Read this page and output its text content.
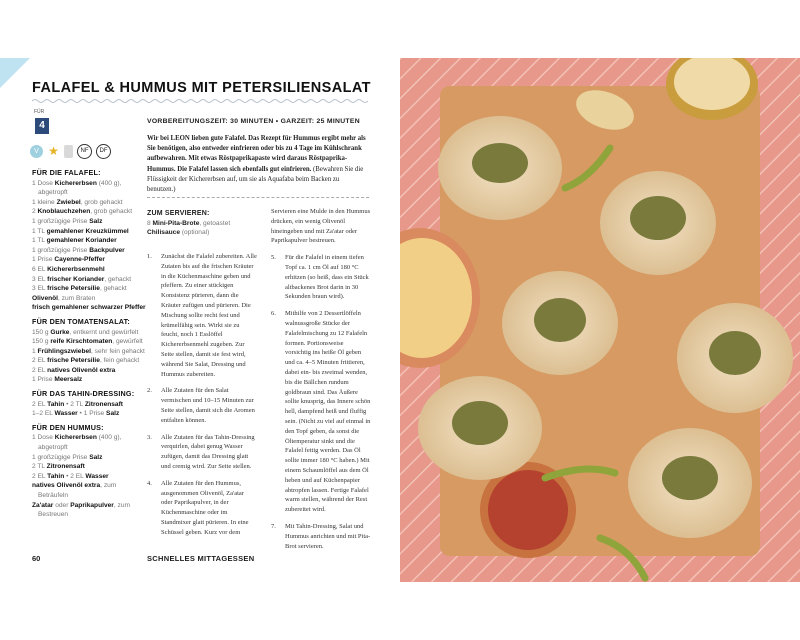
FALAFEL & HUMMUS MIT PETERSILIENSALAT
FÜR
4
V ★	NF	DF
FÜR DIE FALAFEL:
1 Dose Kichererbsen (400 g),
abgetropft
1 kleine Zwiebel, grob gehackt
2 Knoblauchzehen, grob gehackt
1 großzügige Prise Salz
1 TL gemahlener Kreuzkümmel
1 TL gemahlener Koriander
1 großzügige Prise Backpulver
1 Prise Cayenne-Pfeffer
6 EL Kichererbsenmehl
3 EL frischer Koriander, gehackt
3 EL frische Petersilie, gehackt
Olivenöl, zum Braten
frisch gemahlener schwarzer Pfeffer
FÜR DEN TOMATENSALAT:
150 g Gurke, entkernt und gewürfelt
150 g reife Kirschtomaten, gewürfelt
1 Frühlingszwiebel, sehr fein gehackt
2 EL frische Petersilie, fein gehackt
2 EL natives Olivenöl extra
1 Prise Meersalz
FÜR DAS TAHIN-DRESSING:
2 EL Tahin • 2 TL Zitronensaft
1–2 EL Wasser • 1 Prise Salz
FÜR DEN HUMMUS:
1 Dose Kichererbsen (400 g),
abgetropft
1 großzügige Prise Salz
2 TL Zitronensaft
2 EL Tahin • 2 EL Wasser
natives Olivenöl extra, zum
Beträufeln
Za'atar oder Paprikapulver, zum
Bestreuen
VORBEREITUNGSZEIT: 30 MINUTEN • GARZEIT: 25 MINUTEN
Wir bei LEON lieben gute Falafel. Das Rezept für Hummus ergibt mehr als Sie benötigen, also entweder einfrieren oder bis zu 4 Tage im Kühlschrank aufbewahren. Mit etwas Röstpaprikapaste wird daraus Röstpaprika-Hummus. Die Falafel lassen sich ebenfalls gut einfrieren. (Bewahren Sie die Flüssigkeit der Kichererbsen auf, um sie als Aquafaba beim Backen zu benutzen.)
ZUM SERVIEREN:
8 Mini-Pita-Brote, getoastet
Chilisauce (optional)
1.	Zunächst die Falafel zubereiten. Alle Zutaten bis auf die frischen Kräuter in die Küchenmaschine geben und pfeffern. Zu einer stückigen Konsistenz pürieren, dann die Kräuter zufügen und pürieren. Die Mischung sollte recht fest und krümelfähig sein. Wirkt sie zu feucht, noch 1 Esslöffel Kichererbsenmehl zugeben. Zur Seite stellen, damit sie fest wird, während Sie Salat, Dressing und Hummus zubereiten.
2.	Alle Zutaten für den Salat vermischen und 10–15 Minuten zur Seite stellen, damit sich die Aromen entfalten können.
3.	Alle Zutaten für das Tahin-Dressing verquirlen, dabei genug Wasser zufügen, damit das Dressing glatt und cremig wird. Zur Seite stellen.
4.	Alle Zutaten für den Hummus, ausgenommen Olivenöl, Za'atar oder Paprikapulver, in der Küchenmaschine oder im Standmixer glatt pürieren. In eine Schüssel geben. Kurz vor dem
Servieren eine Mulde in den Hummus drücken, ein wenig Olivenöl hineingeben und mit Za'atar oder Paprikapulver bestreuen.
5.	Für die Falafel in einem tiefen Topf ca. 1 cm Öl auf 180 °C erhitzen (so heiß, dass ein Stück altbackenes Brot darin in 30 Sekunden braun wird).
6.	Mithilfe von 2 Dessertlöffeln walnussgroße Stücke der Falafelmischung zu 12 Falafeln formen. Portionsweise vorsichtig ins heiße Öl geben und ca. 4–5 Minuten frittieren, dabei ein- bis zweimal wenden, bis die Bällchen rundum goldbraun sind. Das Äußere sollte knusprig, das Innere schön hell, dampfend heiß und fluffig sein. (Nicht zu viel auf einmal in den Topf geben, da sonst die Öltemperatur sinkt und die Falafel fettig werden. Das Öl sollte immer 180 °C haben.) Mit einem Schaumlöffel aus dem Öl heben und auf Küchenpapier abtropfen lassen. Fertige Falafel warm stellen, während der Rest zubereitet wird.
7.	Mit Tahin-Dressing, Salat und Hummus anrichten und mit Pita-Brot servieren.
60	SCHNELLES MITTAGESSEN
